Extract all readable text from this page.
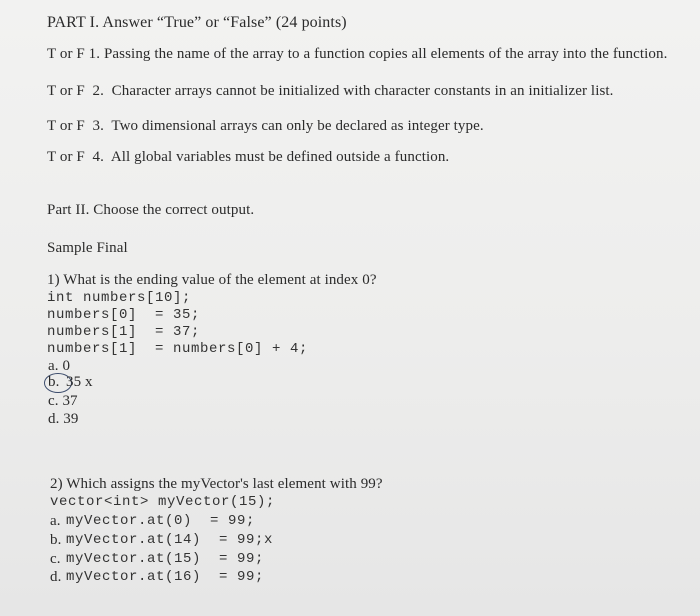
PART I. Answer “True” or “False” (24 points)
T or F 1. Passing the name of the array to a function copies all elements of the array into the function.
T or F  2.  Character arrays cannot be initialized with character constants in an initializer list.
T or F  3.  Two dimensional arrays can only be declared as integer type.
T or F  4.  All global variables must be defined outside a function.
Part II. Choose the correct output.
Sample Final
1) What is the ending value of the element at index 0?
int numbers[10];
numbers[0]  = 35;
numbers[1]  = 37;
numbers[1]  = numbers[0] + 4;
a. 0
b. 35 x
c. 37
d. 39
2) Which assigns the myVector's last element with 99?
vector<int> myVector(15);
a. myVector.at(0)  = 99;
b. myVector.at(14)  = 99;x
c. myVector.at(15)  = 99;
d. myVector.at(16)  = 99;
